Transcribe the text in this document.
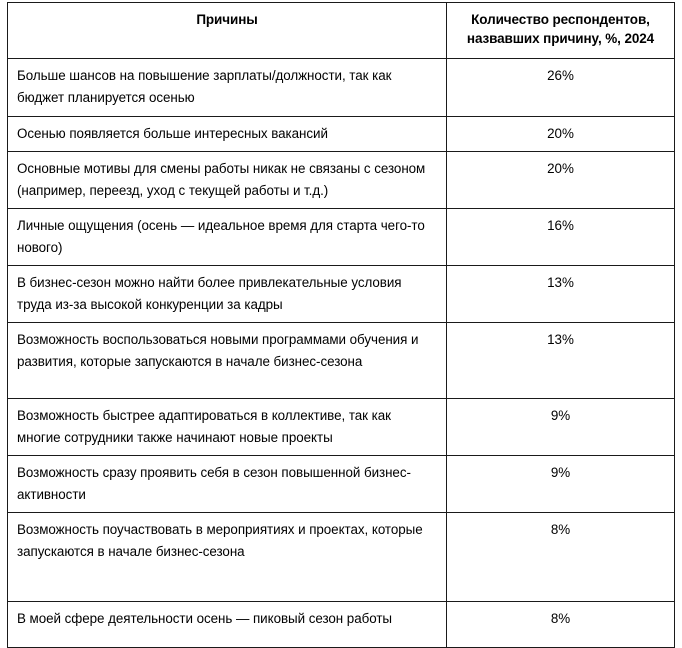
Причины	Количество респондентов,
назвавших причину, %, 2024

Больше шансов на повышение зарплаты/должности, так как бюджет планируется осенью	26%

Осенью появляется больше интересных вакансий	20%

Основные мотивы для смены работы никак не связаны с сезоном (например, переезд, уход с текущей работы и т.д.)	20%

Личные ощущения (осень — идеальное время для старта чего-то нового)	16%

В бизнес-сезон можно найти более привлекательные условия труда из-за высокой конкуренции за кадры	13%

Возможность воспользоваться новыми программами обучения и развития, которые запускаются в начале бизнес-сезона	13%

Возможность быстрее адаптироваться в коллективе, так как многие сотрудники также начинают новые проекты	9%

Возможность сразу проявить себя в сезон повышенной бизнес-активности	9%

Возможность поучаствовать в мероприятиях и проектах, которые запускаются в начале бизнес-сезона	8%

В моей сфере деятельности осень — пиковый сезон работы	8%
